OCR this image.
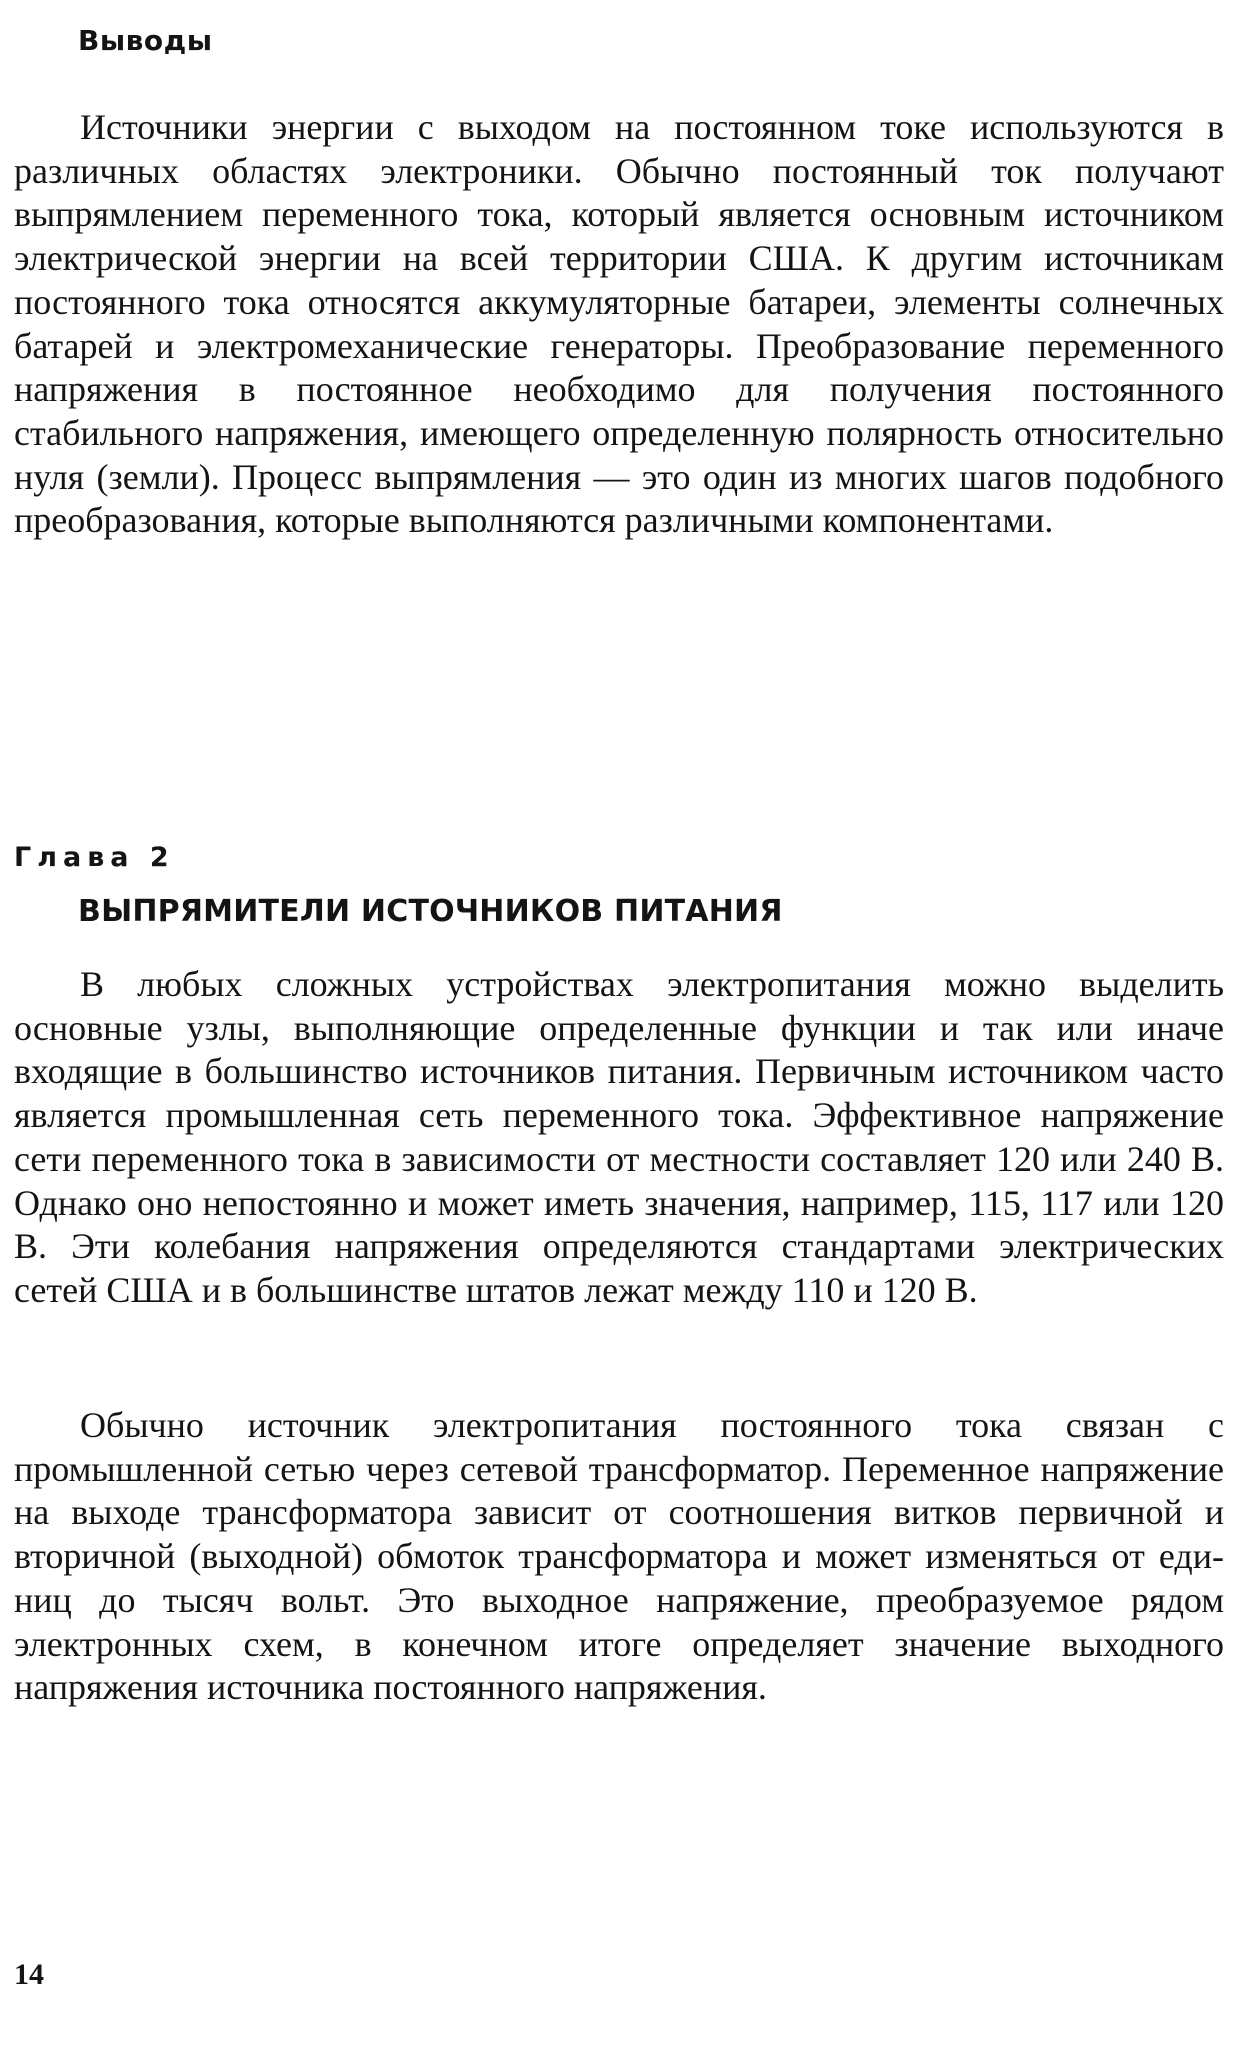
Выводы

Источники энергии с выходом на постоянном токе используются в различных областях электроники. Обычно постоянный ток получают выпрямлением переменного тока, который является основным источником электрической энергии на всей территории США. К другим источникам постоянного тока относятся аккумуляторные батареи, элементы солнечных батарей и электромеханические генераторы. Преобразование переменного напряжения в постоянное необходимо для получения постоянного стабильного напряжения, имеющего определенную полярность относительно нуля (земли). Процесс выпрямления — это один из многих шагов подобного преобразования, которые выполняются различными компонентами.

Глава 2
ВЫПРЯМИТЕЛИ ИСТОЧНИКОВ ПИТАНИЯ

В любых сложных устройствах электропитания можно выделить основные узлы, выполняющие определенные функции и так или иначе входящие в большинство источников питания. Первичным источником часто является промышленная сеть переменного тока. Эффективное напряжение сети переменного тока в зависимости от местности составляет 120 или 240 В. Однако оно непостоянно и может иметь значения, например, 115, 117 или 120 В. Эти колебания напряжения определяются стандартами электрических сетей США и в большинстве штатов лежат между 110 и 120 В.

Обычно источник электропитания постоянного тока связан с промышленной сетью через сетевой трансформатор. Переменное напряжение на выходе трансформатора зависит от соотношения витков первичной и вторичной (выходной) обмоток трансформатора и может изменяться от единиц до тысяч вольт. Это выходное напряжение, преобразуемое рядом электронных схем, в конечном итоге определяет значение выходного напряжения источника постоянного напряжения.

14
